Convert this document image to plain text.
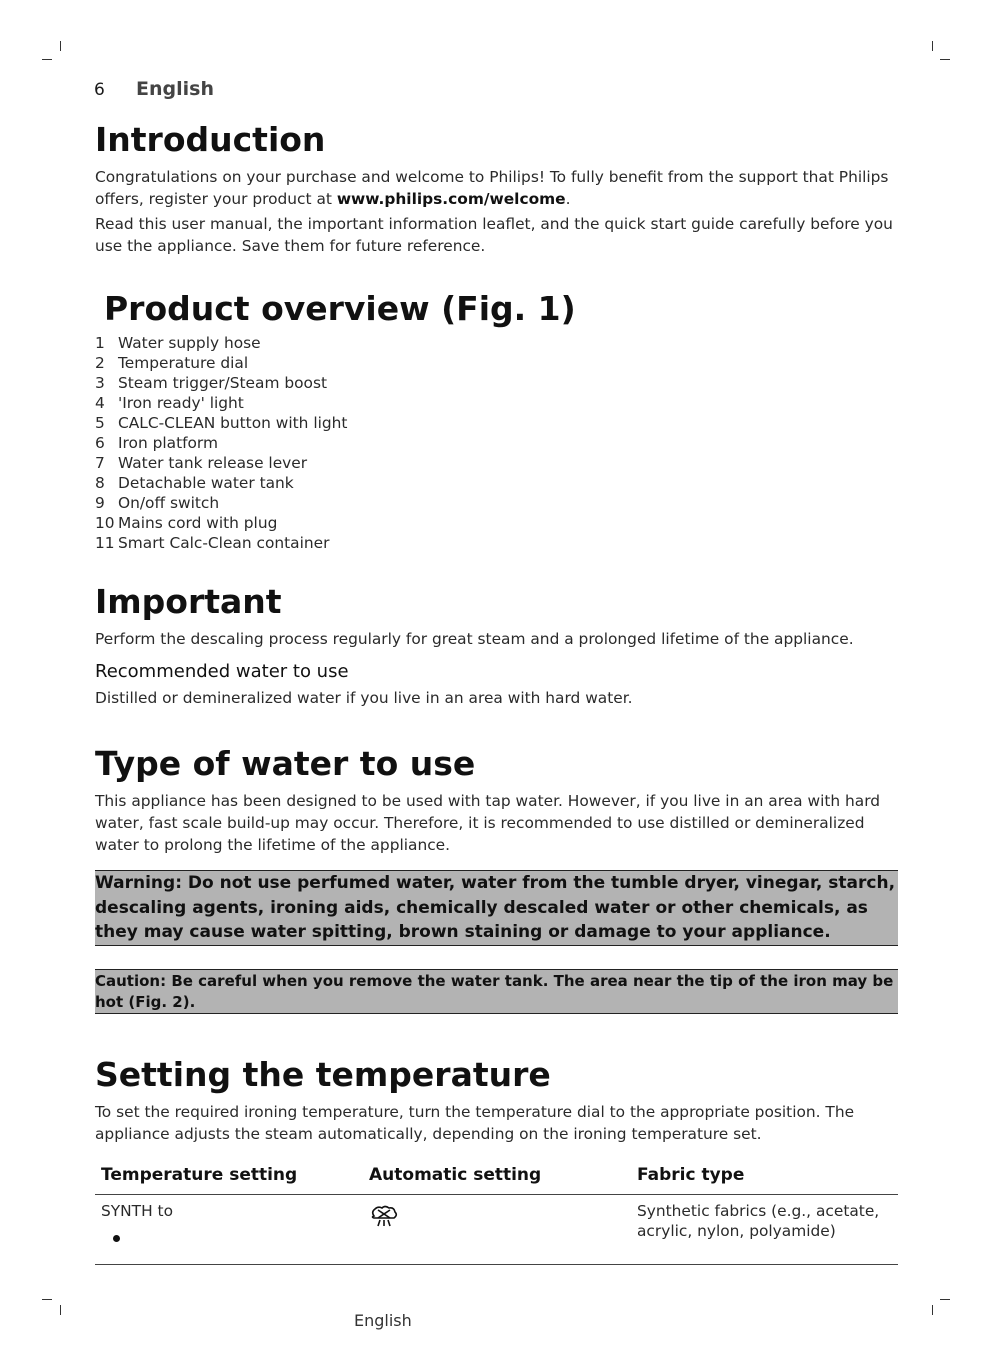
6	English
Introduction

Congratulations on your purchase and welcome to Philips! To fully benefit from the support that Philips offers, register your product at www.philips.com/welcome.

Read this user manual, the important information leaflet, and the quick start guide carefully before you use the appliance. Save them for future reference.

Product overview (Fig. 1)
1 Water supply hose
2 Temperature dial
3 Steam trigger/Steam boost
4 'Iron ready' light
5 CALC-CLEAN button with light
6 Iron platform
7 Water tank release lever
8 Detachable water tank
9 On/off switch
10 Mains cord with plug
11 Smart Calc-Clean container
Important

Perform the descaling process regularly for great steam and a prolonged lifetime of the appliance.

Recommended water to use

Distilled or demineralized water if you live in an area with hard water.

Type of water to use

This appliance has been designed to be used with tap water. However, if you live in an area with hard water, fast scale build-up may occur. Therefore, it is recommended to use distilled or demineralized water to prolong the lifetime of the appliance.

Warning: Do not use perfumed water, water from the tumble dryer, vinegar, starch, descaling agents, ironing aids, chemically descaled water or other chemicals, as they may cause water spitting, brown staining or damage to your appliance.
Caution: Be careful when you remove the water tank. The area near the tip of the iron may be hot (Fig. 2).
Setting the temperature

To set the required ironing temperature, turn the temperature dial to the appropriate position. The appliance adjusts the steam automatically, depending on the ironing temperature set.

Temperature setting	Automatic setting	Fabric type

SYNTH to		Synthetic fabrics (e.g., acetate, acrylic, nylon, polyamide)
English
